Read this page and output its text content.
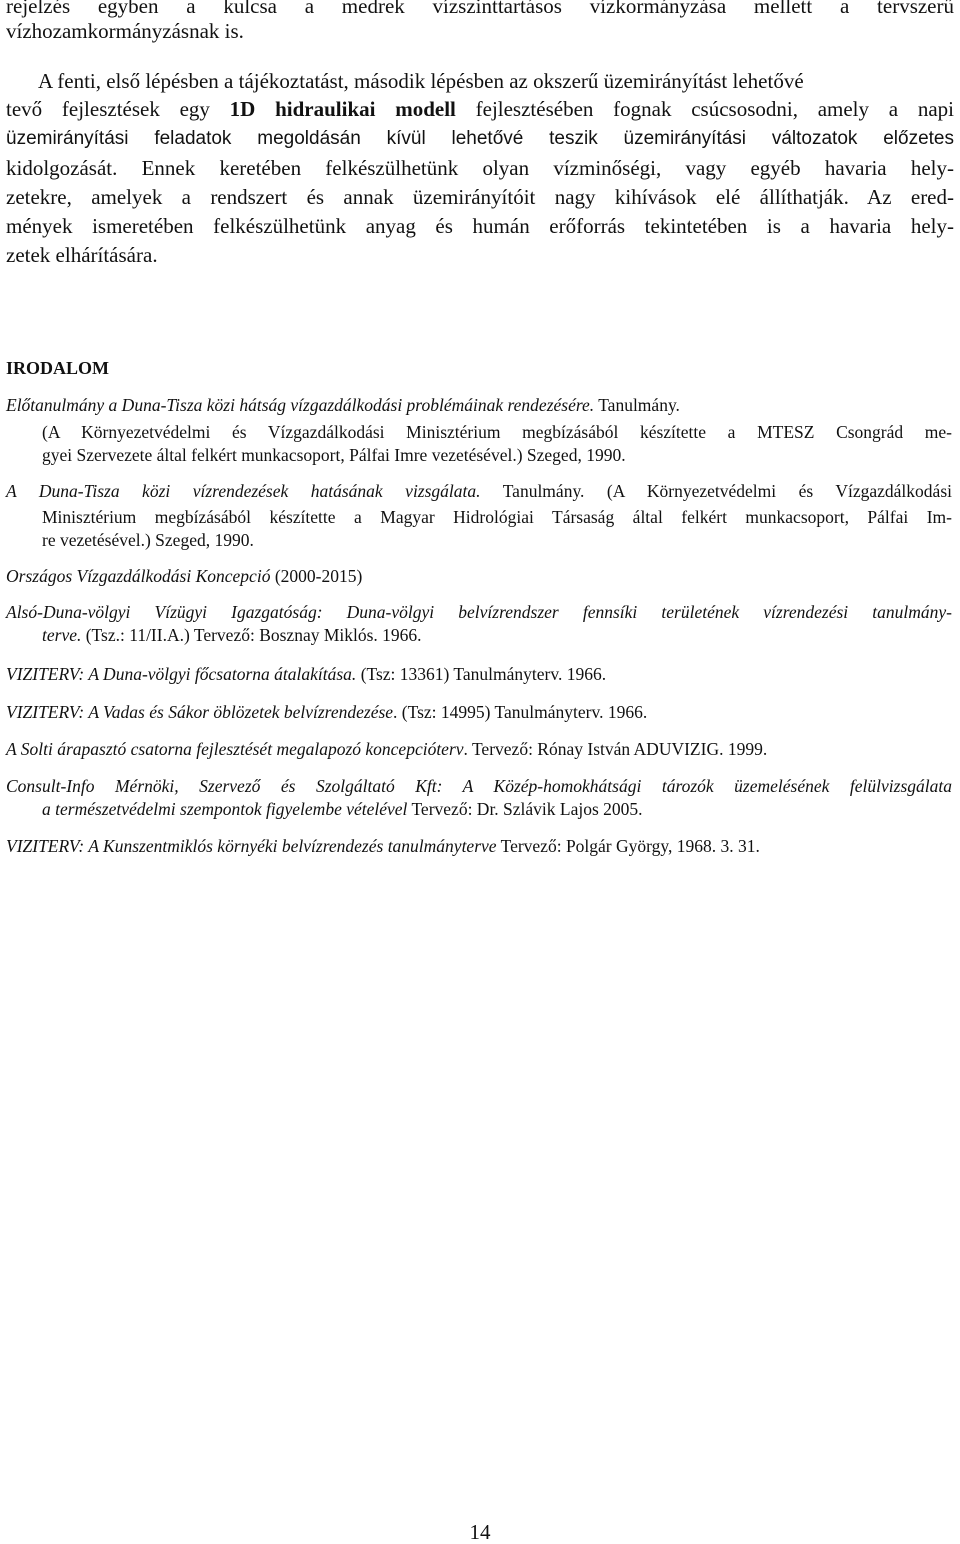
rejelzés egyben a kulcsa a medrek vízszinttartásos vízkormányzása mellett a tervszerű
vízhozamkormányzásnak is.
A fenti, első lépésben a tájékoztatást, második lépésben az okszerű üzemirányítást lehetővé
tevő fejlesztések egy 1D hidraulikai modell fejlesztésében fognak csúcsosodni, amely a napi
üzemirányítási feladatok megoldásán kívül lehetővé teszik üzemirányítási változatok előzetes
kidolgozását. Ennek keretében felkészülhetünk olyan vízminőségi, vagy egyéb havaria hely-
zetekre, amelyek a rendszert és annak üzemirányítóit nagy kihívások elé állíthatják. Az ered-
mények ismeretében felkészülhetünk anyag és humán erőforrás tekintetében is a havaria hely-
zetek elhárítására.
IRODALOM
Előtanulmány a Duna-Tisza közi hátság vízgazdálkodási problémáinak rendezésére. Tanulmány.
(A Környezetvédelmi és Vízgazdálkodási Minisztérium megbízásából készítette a MTESZ Csongrád me-
gyei Szervezete által felkért munkacsoport, Pálfai Imre vezetésével.) Szeged, 1990.
A Duna-Tisza közi vízrendezések hatásának vizsgálata. Tanulmány. (A Környezetvédelmi és Vízgazdálkodási
Minisztérium megbízásából készítette a Magyar Hidrológiai Társaság által felkért munkacsoport, Pálfai Im-
re vezetésével.) Szeged, 1990.
Országos Vízgazdálkodási Koncepció (2000-2015)
Alsó-Duna-völgyi Vízügyi Igazgatóság: Duna-völgyi belvízrendszer fennsíki területének vízrendezési tanulmány-
terve. (Tsz.: 11/II.A.) Tervező: Bosznay Miklós. 1966.
VIZITERV: A Duna-völgyi főcsatorna átalakítása. (Tsz: 13361) Tanulmányterv. 1966.
VIZITERV: A Vadas és Sákor öblözetek belvízrendezése. (Tsz: 14995) Tanulmányterv. 1966.
A Solti árapasztó csatorna fejlesztését megalapozó koncepcióterv. Tervező: Rónay István ADUVIZIG. 1999.
Consult-Info Mérnöki, Szervező és Szolgáltató Kft: A Közép-homokhátsági tározók üzemelésének felülvizsgálata
a természetvédelmi szempontok figyelembe vételével Tervező: Dr. Szlávik Lajos 2005.
VIZITERV: A Kunszentmiklós környéki belvízrendezés tanulmányterve Tervező: Polgár György, 1968. 3. 31.
14
